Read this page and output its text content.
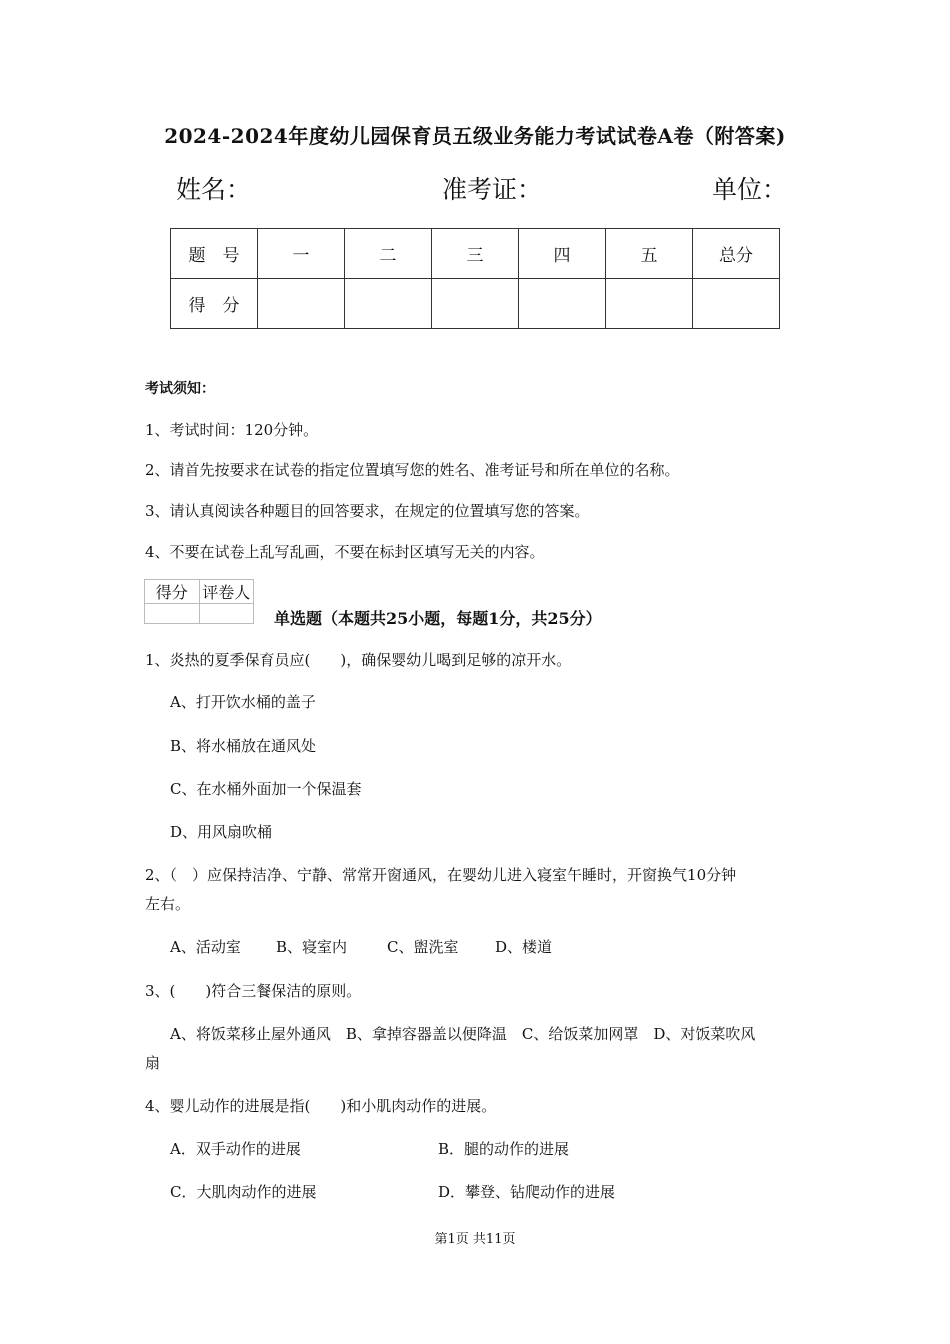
2024-2024年度幼儿园保育员五级业务能力考试试卷A卷（附答案)
姓名：	准考证：	单位：
题　号	一	二	三	四	五	总分
得　分						
考试须知：
1、考试时间：120分钟。
2、请首先按要求在试卷的指定位置填写您的姓名、准考证号和所在单位的名称。
3、请认真阅读各种题目的回答要求，在规定的位置填写您的答案。
4、不要在试卷上乱写乱画，不要在标封区填写无关的内容。
得分	评卷人

单选题（本题共25小题，每题1分，共25分）
1、炎热的夏季保育员应(　　)，确保婴幼儿喝到足够的凉开水。
A、打开饮水桶的盖子
B、将水桶放在通风处
C、在水桶外面加一个保温套
D、用风扇吹桶
2、（　）应保持洁净、宁静、常常开窗通风，在婴幼儿进入寝室午睡时，开窗换气10分钟
左右。
A、活动室 B、寝室内	C、盥洗室 D、楼道
3、(　　)符合三餐保洁的原则。
A、将饭菜移止屋外通风　B、拿掉容器盖以便降温　C、给饭菜加网罩　D、对饭菜吹风
扇
4、婴儿动作的进展是指(　　)和小肌肉动作的进展。
A．双手动作的进展	B．腿的动作的进展
C．大肌肉动作的进展	D．攀登、钻爬动作的进展
第1页 共11页
